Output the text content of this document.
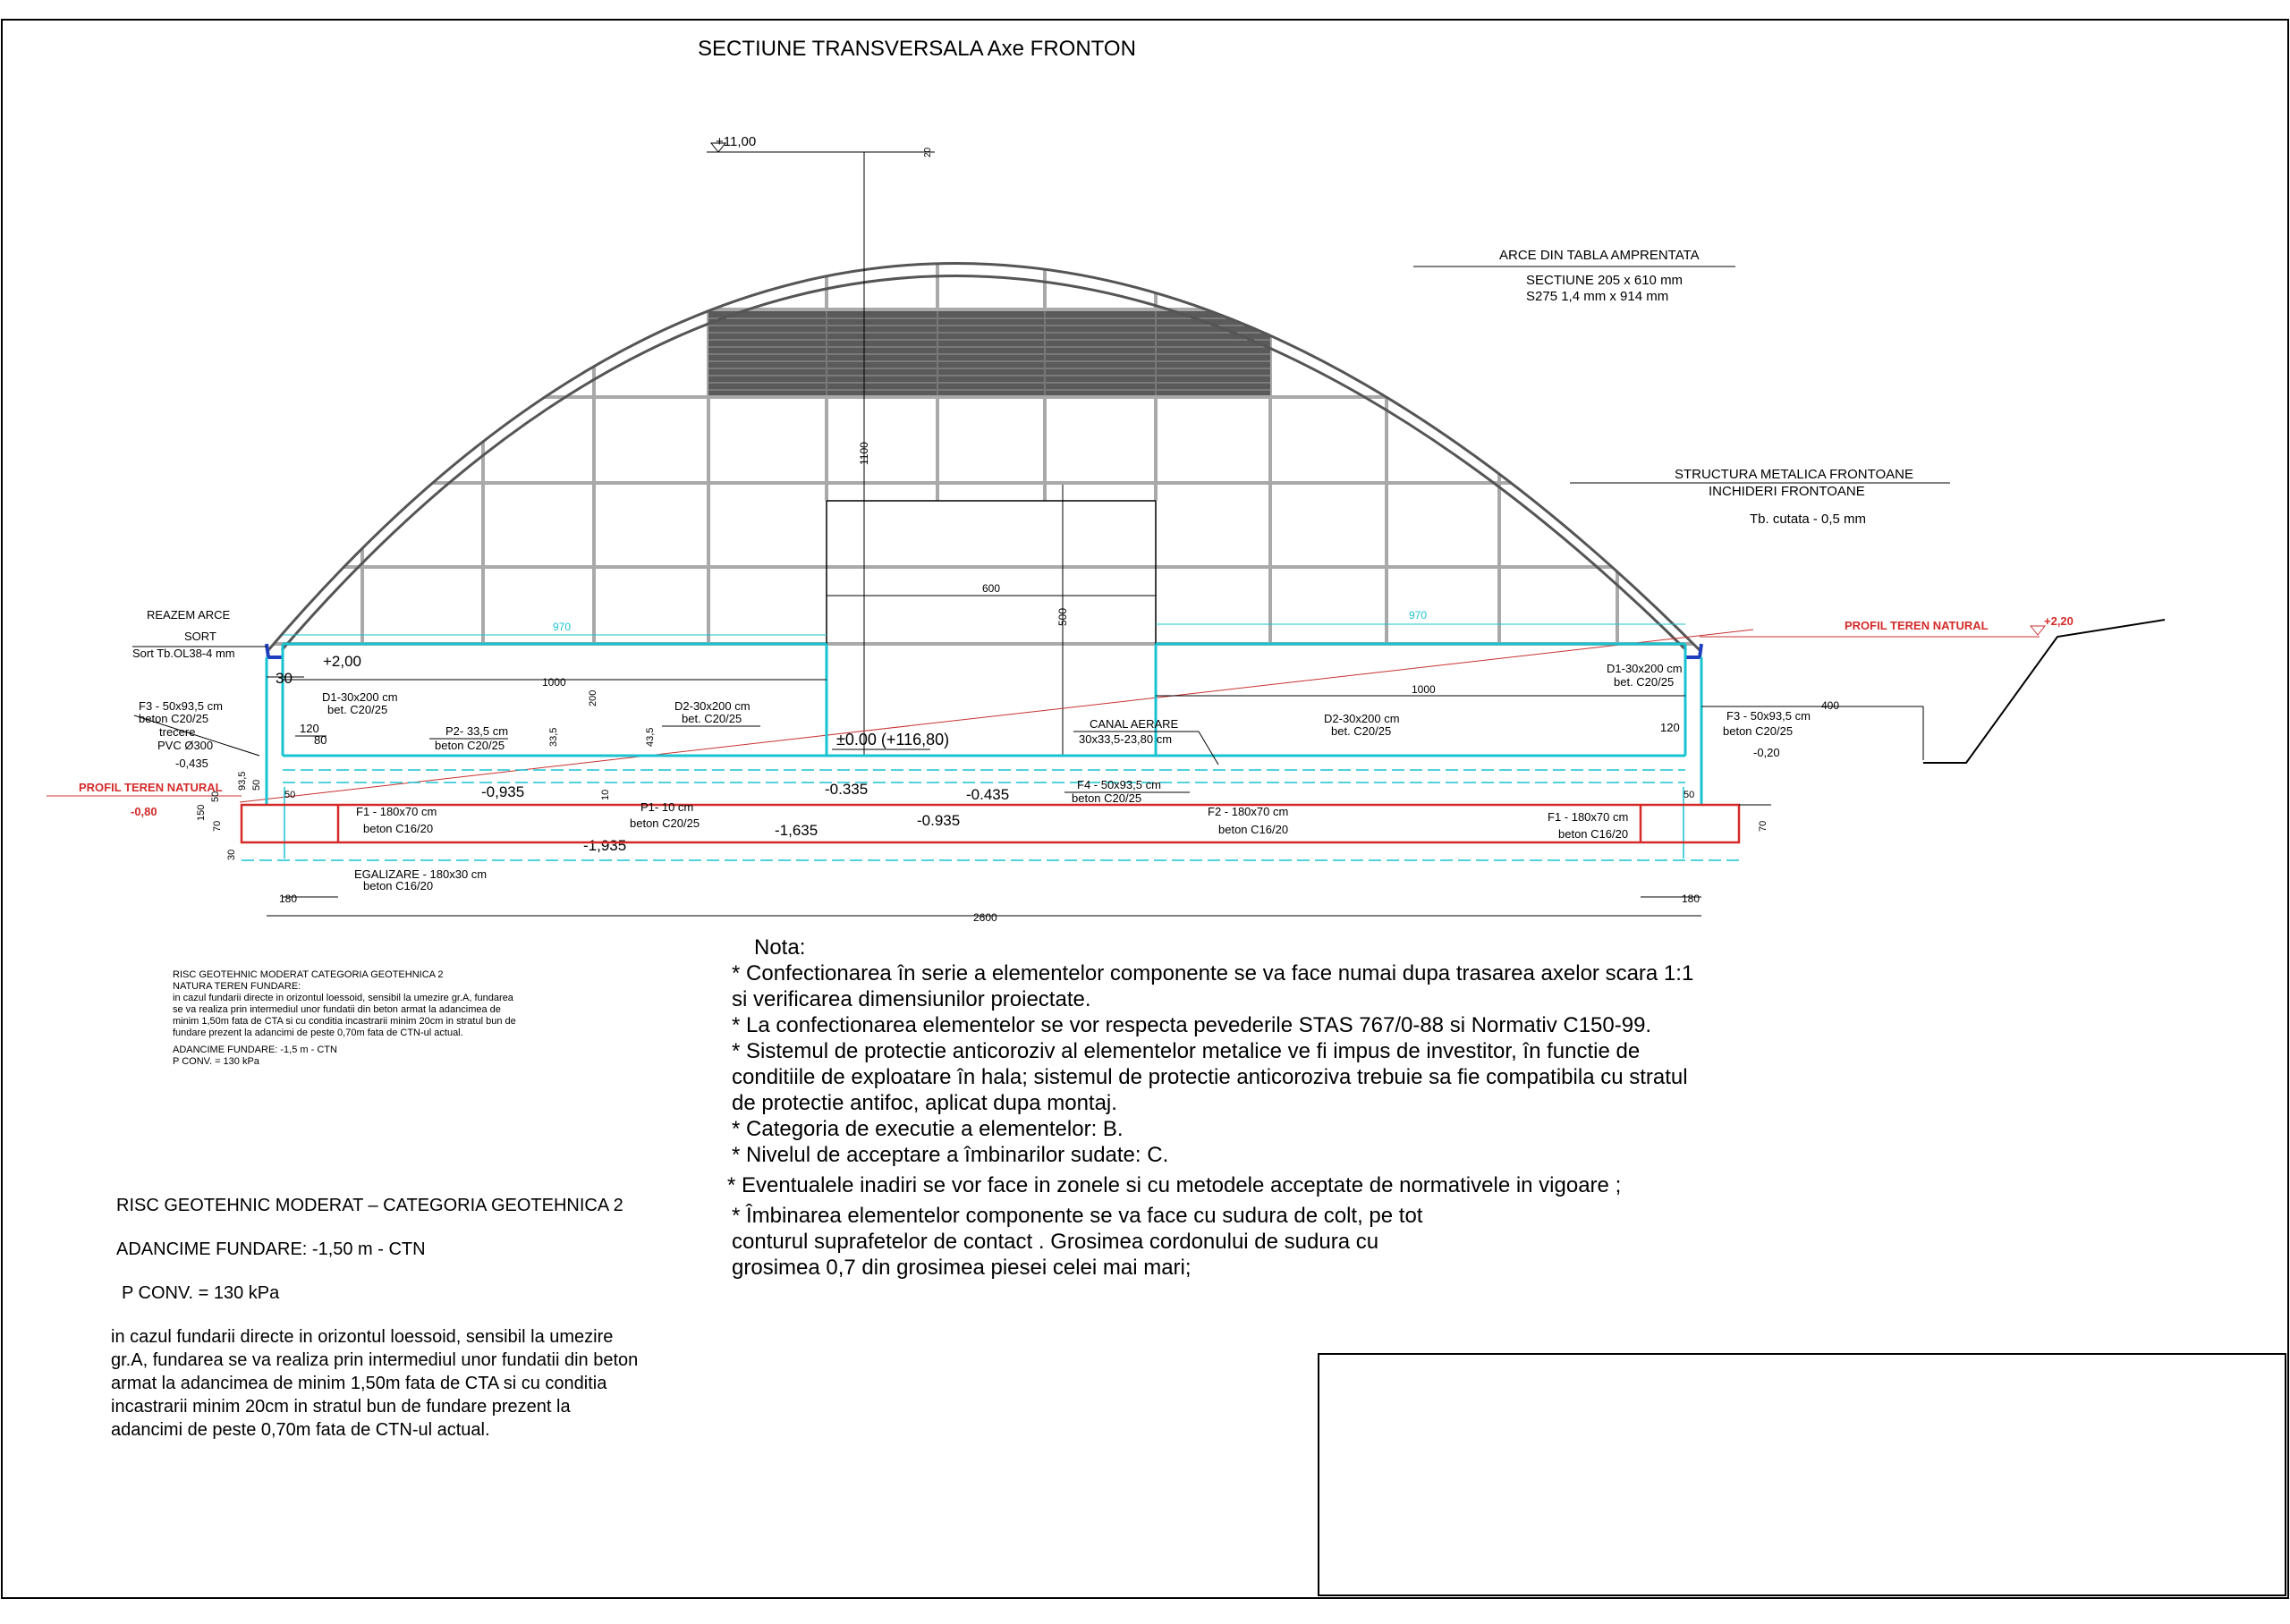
SECTIUNE TRANSVERSALA Axe FRONTON
+11,00
20
1100
600
500
ARCE DIN TABLA AMPRENTATA
SECTIUNE 205 x 610 mm
S275 1,4 mm x 914 mm
STRUCTURA METALICA FRONTOANE
INCHIDERI FRONTOANE
Tb. cutata - 0,5 mm
PROFIL TEREN NATURAL	+2,20
REAZEM ARCE
SORT
Sort Tb.OL38-4 mm
970
970
1000
1000
400
+2,00
30
D1-30x200 cm
bet. C20/25	D2-30x200 cm
bet. C20/25
P2- 33,5 cm
beton C20/25
F3 - 50x93,5 cm
beton C20/25
trecere
PVC Ø300
-0,435
120
80
200
33,5	43,5
10
±0.00 (+116,80)
CANAL AERARE
30x33,5-23,80 cm
D2-30x200 cm
bet. C20/25
D1-30x200 cm
bet. C20/25
120
F3 - 50x93,5 cm
beton C20/25
-0,20
-0,935	-0.335	-0.435
-0.935
-1,635
-1,935
F4 - 50x93,5 cm
beton C20/25
PROFIL TEREN NATURAL
-0,80	F1 - 180x70 cm
beton C16/20
P1- 10 cm
beton C20/25
F2 - 180x70 cm
beton C16/20
F1 - 180x70 cm
beton C16/20
EGALIZARE - 180x30 cm
beton C16/20
50
93,5 50
150
70
30
50	50
70
180	180
2600
RISC GEOTEHNIC MODERAT CATEGORIA GEOTEHNICA 2
NATURA TEREN FUNDARE:
in cazul fundarii directe in orizontul loessoid, sensibil la umezire gr.A, fundarea
se va realiza prin intermediul unor fundatii din beton armat la adancimea de
minim 1,50m fata de CTA si cu conditia incastrarii minim 20cm in stratul bun de
fundare prezent la adancimi de peste 0,70m fata de CTN-ul actual.
ADANCIME FUNDARE: -1,5 m - CTN
P CONV. = 130 kPa
RISC GEOTEHNIC MODERAT – CATEGORIA GEOTEHNICA 2
ADANCIME FUNDARE: -1,50 m - CTN
P CONV. = 130 kPa
in cazul fundarii directe in orizontul loessoid, sensibil la umezire
gr.A, fundarea se va realiza prin intermediul unor fundatii din beton
armat la adancimea de minim 1,50m fata de CTA si cu conditia
incastrarii minim 20cm in stratul bun de fundare prezent la
adancimi de peste 0,70m fata de CTN-ul actual.
Nota:
* Confectionarea în serie a elementelor componente se va face numai dupa trasarea axelor scara 1:1
si verificarea dimensiunilor proiectate.
* La confectionarea elementelor se vor respecta pevederile STAS 767/0-88 si Normativ C150-99.
* Sistemul de protectie anticoroziv al elementelor metalice ve fi impus de investitor, în functie de
conditiile de exploatare în hala; sistemul de protectie anticoroziva trebuie sa fie compatibila cu stratul
de protectie antifoc, aplicat dupa montaj.
* Categoria de executie a elementelor: B.
* Nivelul de acceptare a îmbinarilor sudate: C.
* Eventualele inadiri se vor face in zonele si cu metodele acceptate de normativele in vigoare ;
* Îmbinarea elementelor componente se va face cu sudura de colt, pe tot
conturul suprafetelor de contact . Grosimea cordonului de sudura cu
grosimea 0,7 din grosimea piesei celei mai mari;
